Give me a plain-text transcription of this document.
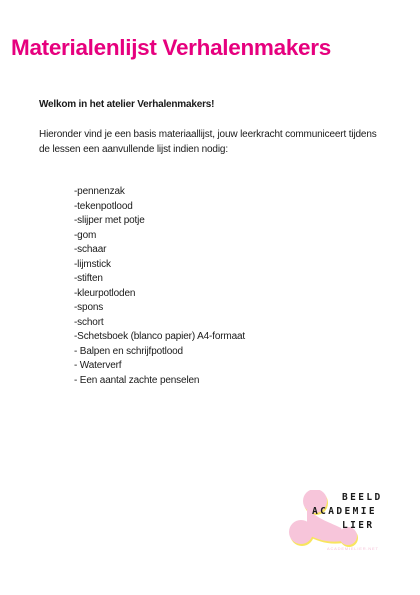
Materialenlijst Verhalenmakers

Welkom in het atelier Verhalenmakers!

Hieronder vind je een basis materiaallijst, jouw leerkracht communiceert tijdens de lessen een aanvullende lijst indien nodig:

-pennenzak
-tekenpotlood
-slijper met potje
-gom
-schaar
-lijmstick
-stiften
-kleurpotloden
-spons
-schort
-Schetsboek (blanco papier) A4-formaat
- Balpen en schrijfpotlood
- Waterverf
- Een aantal zachte penselen
BEELD
ACADEMIE
LIER
ACADEMIELIER.NET
